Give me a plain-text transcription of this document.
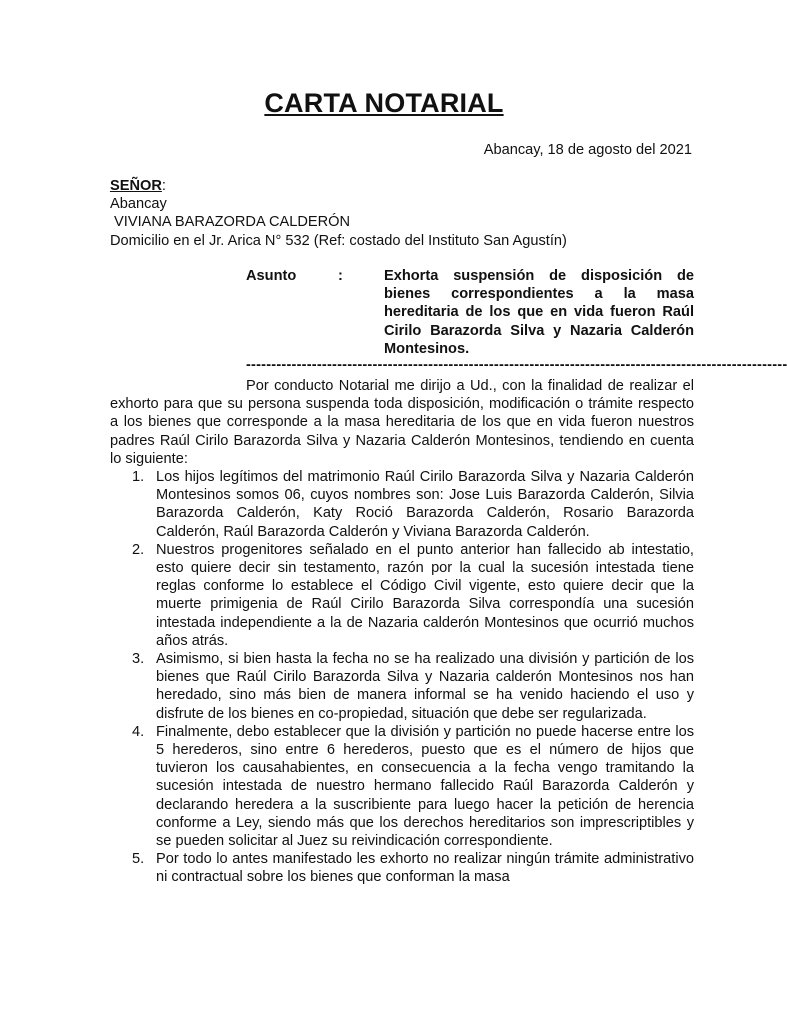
CARTA NOTARIAL
Abancay, 18 de agosto del 2021
SEÑOR:
Abancay
VIVIANA BARAZORDA CALDERÓN
Domicilio en el Jr. Arica N° 532 (Ref: costado del Instituto San Agustín)
Asunto	:	Exhorta suspensión de disposición de bienes correspondientes a la masa hereditaria de los que en vida fueron Raúl Cirilo Barazorda Silva y Nazaria Calderón Montesinos.
-----------------------------------------------------------------------------------------------------------

Por conducto Notarial me dirijo a Ud., con la finalidad de realizar el exhorto para que su persona suspenda toda disposición, modificación o trámite respecto a los bienes que corresponde a la masa hereditaria de los que en vida fueron nuestros padres Raúl Cirilo Barazorda Silva y Nazaria Calderón Montesinos, tendiendo en cuenta lo siguiente:

1. Los hijos legítimos del matrimonio Raúl Cirilo Barazorda Silva y Nazaria Calderón Montesinos somos 06, cuyos nombres son: Jose Luis Barazorda Calderón, Silvia Barazorda Calderón, Katy Roció Barazorda Calderón, Rosario Barazorda Calderón, Raúl Barazorda Calderón y Viviana Barazorda Calderón.
2. Nuestros progenitores señalado en el punto anterior han fallecido ab intestatio, esto quiere decir sin testamento, razón por la cual la sucesión intestada tiene reglas conforme lo establece el Código Civil vigente, esto quiere decir que la muerte primigenia de Raúl Cirilo Barazorda Silva correspondía una sucesión intestada independiente a la de Nazaria calderón Montesinos que ocurrió muchos años atrás.
3. Asimismo, si bien hasta la fecha no se ha realizado una división y partición de los bienes que Raúl Cirilo Barazorda Silva y Nazaria calderón Montesinos nos han heredado, sino más bien de manera informal se ha venido haciendo el uso y disfrute de los bienes en co-propiedad, situación que debe ser regularizada.
4. Finalmente, debo establecer que la división y partición no puede hacerse entre los 5 herederos, sino entre 6 herederos, puesto que es el número de hijos que tuvieron los causahabientes, en consecuencia a la fecha vengo tramitando la sucesión intestada de nuestro hermano fallecido Raúl Barazorda Calderón y declarando heredera a la suscribiente para luego hacer la petición de herencia conforme a Ley, siendo más que los derechos hereditarios son imprescriptibles y se pueden solicitar al Juez su reivindicación correspondiente.
5. Por todo lo antes manifestado les exhorto no realizar ningún trámite administrativo ni contractual sobre los bienes que conforman la masa
